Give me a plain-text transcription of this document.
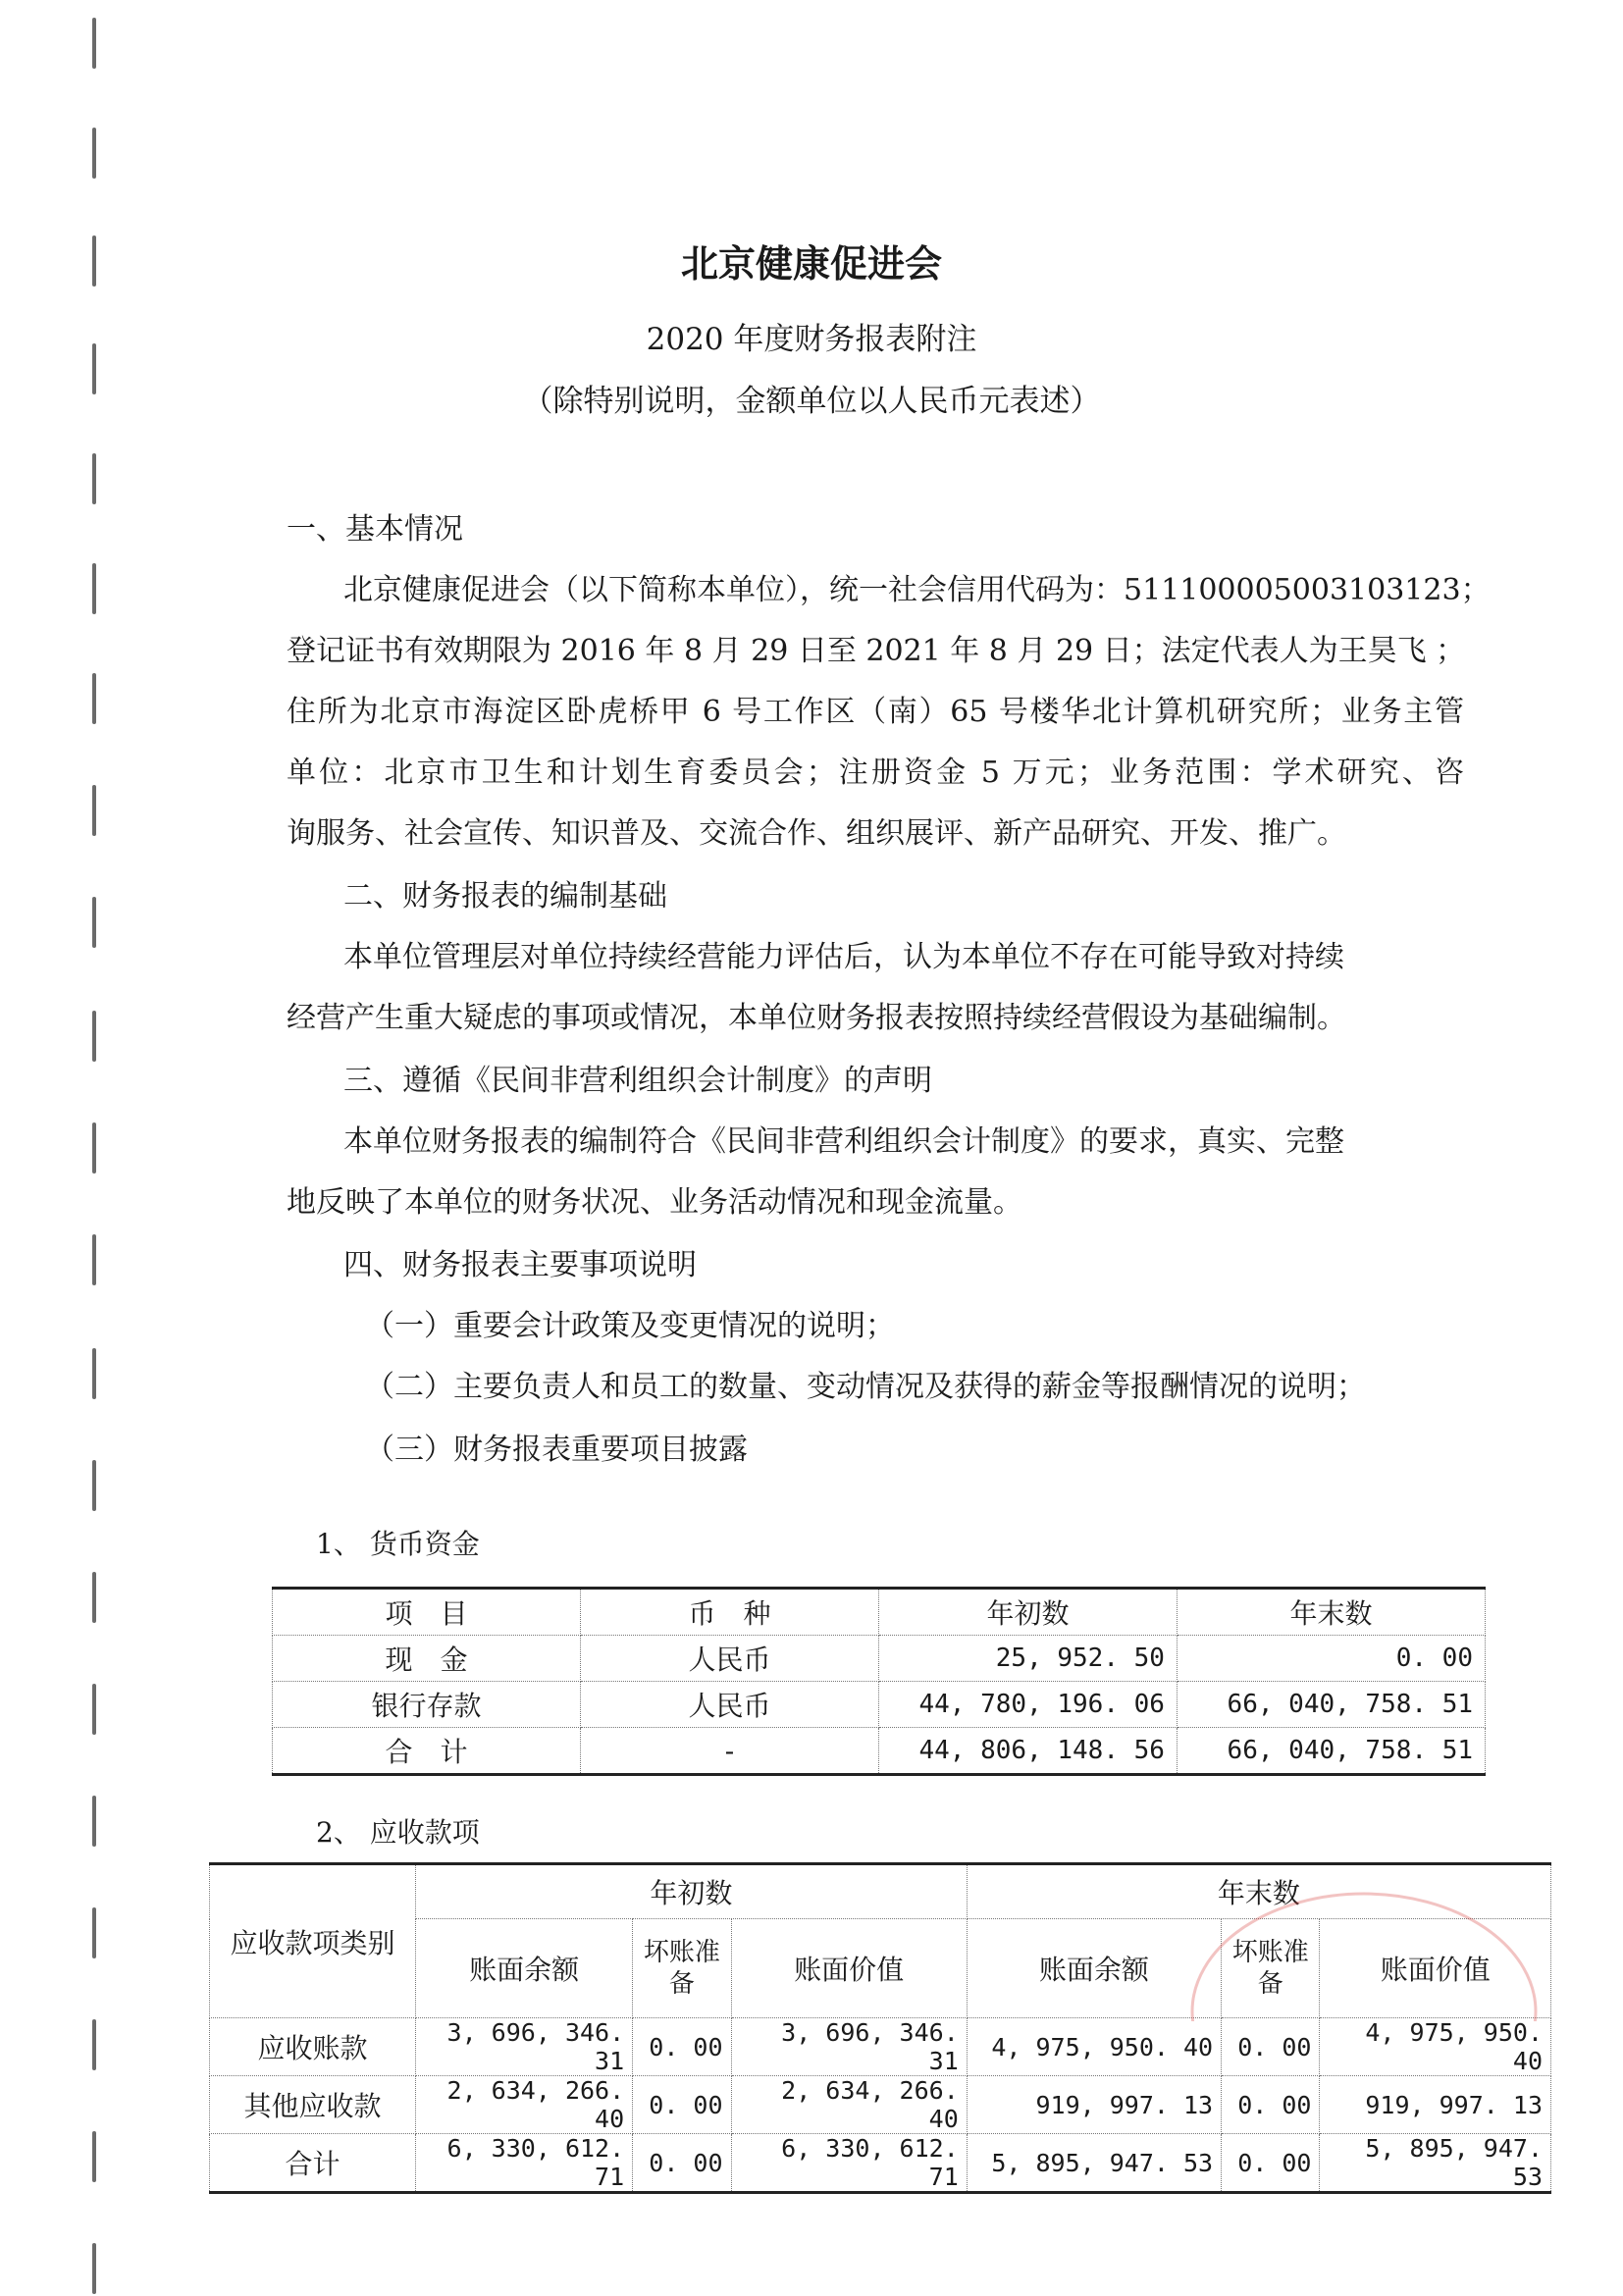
北京健康促进会
2020 年度财务报表附注
（除特别说明，金额单位以人民币元表述）
一、基本情况
北京健康促进会（以下简称本单位），统一社会信用代码为：511100005003103123；
登记证书有效期限为 2016 年 8 月 29 日至 2021 年 8 月 29 日；法定代表人为王昊飞 ；
住所为北京市海淀区卧虎桥甲 6 号工作区（南）65 号楼华北计算机研究所；业务主管
单位：北京市卫生和计划生育委员会；注册资金 5 万元；业务范围：学术研究、咨
询服务、社会宣传、知识普及、交流合作、组织展评、新产品研究、开发、推广。
二、财务报表的编制基础
本单位管理层对单位持续经营能力评估后，认为本单位不存在可能导致对持续
经营产生重大疑虑的事项或情况，本单位财务报表按照持续经营假设为基础编制。
三、遵循《民间非营利组织会计制度》的声明
本单位财务报表的编制符合《民间非营利组织会计制度》的要求，真实、完整
地反映了本单位的财务状况、业务活动情况和现金流量。
四、财务报表主要事项说明
（一）重要会计政策及变更情况的说明；
（二）主要负责人和员工的数量、变动情况及获得的薪金等报酬情况的说明；
（三）财务报表重要项目披露
1、 货币资金
项　目	币　种	年初数	年末数
现　金	人民币	25, 952. 50	0. 00
银行存款	人民币	44, 780, 196. 06	66, 040, 758. 51
合　计	-	44, 806, 148. 56	66, 040, 758. 51
2、 应收款项
应收款项类别	年初数			年末数		
	账面余额	坏账准备	账面价值	账面余额	坏账准备	账面价值
应收账款	3, 696, 346. 31	0. 00	3, 696, 346. 31	4, 975, 950. 40	0. 00	4, 975, 950. 40
其他应收款	2, 634, 266. 40	0. 00	2, 634, 266. 40	919, 997. 13	0. 00	919, 997. 13
合计	6, 330, 612. 71	0. 00	6, 330, 612. 71	5, 895, 947. 53	0. 00	5, 895, 947. 53
